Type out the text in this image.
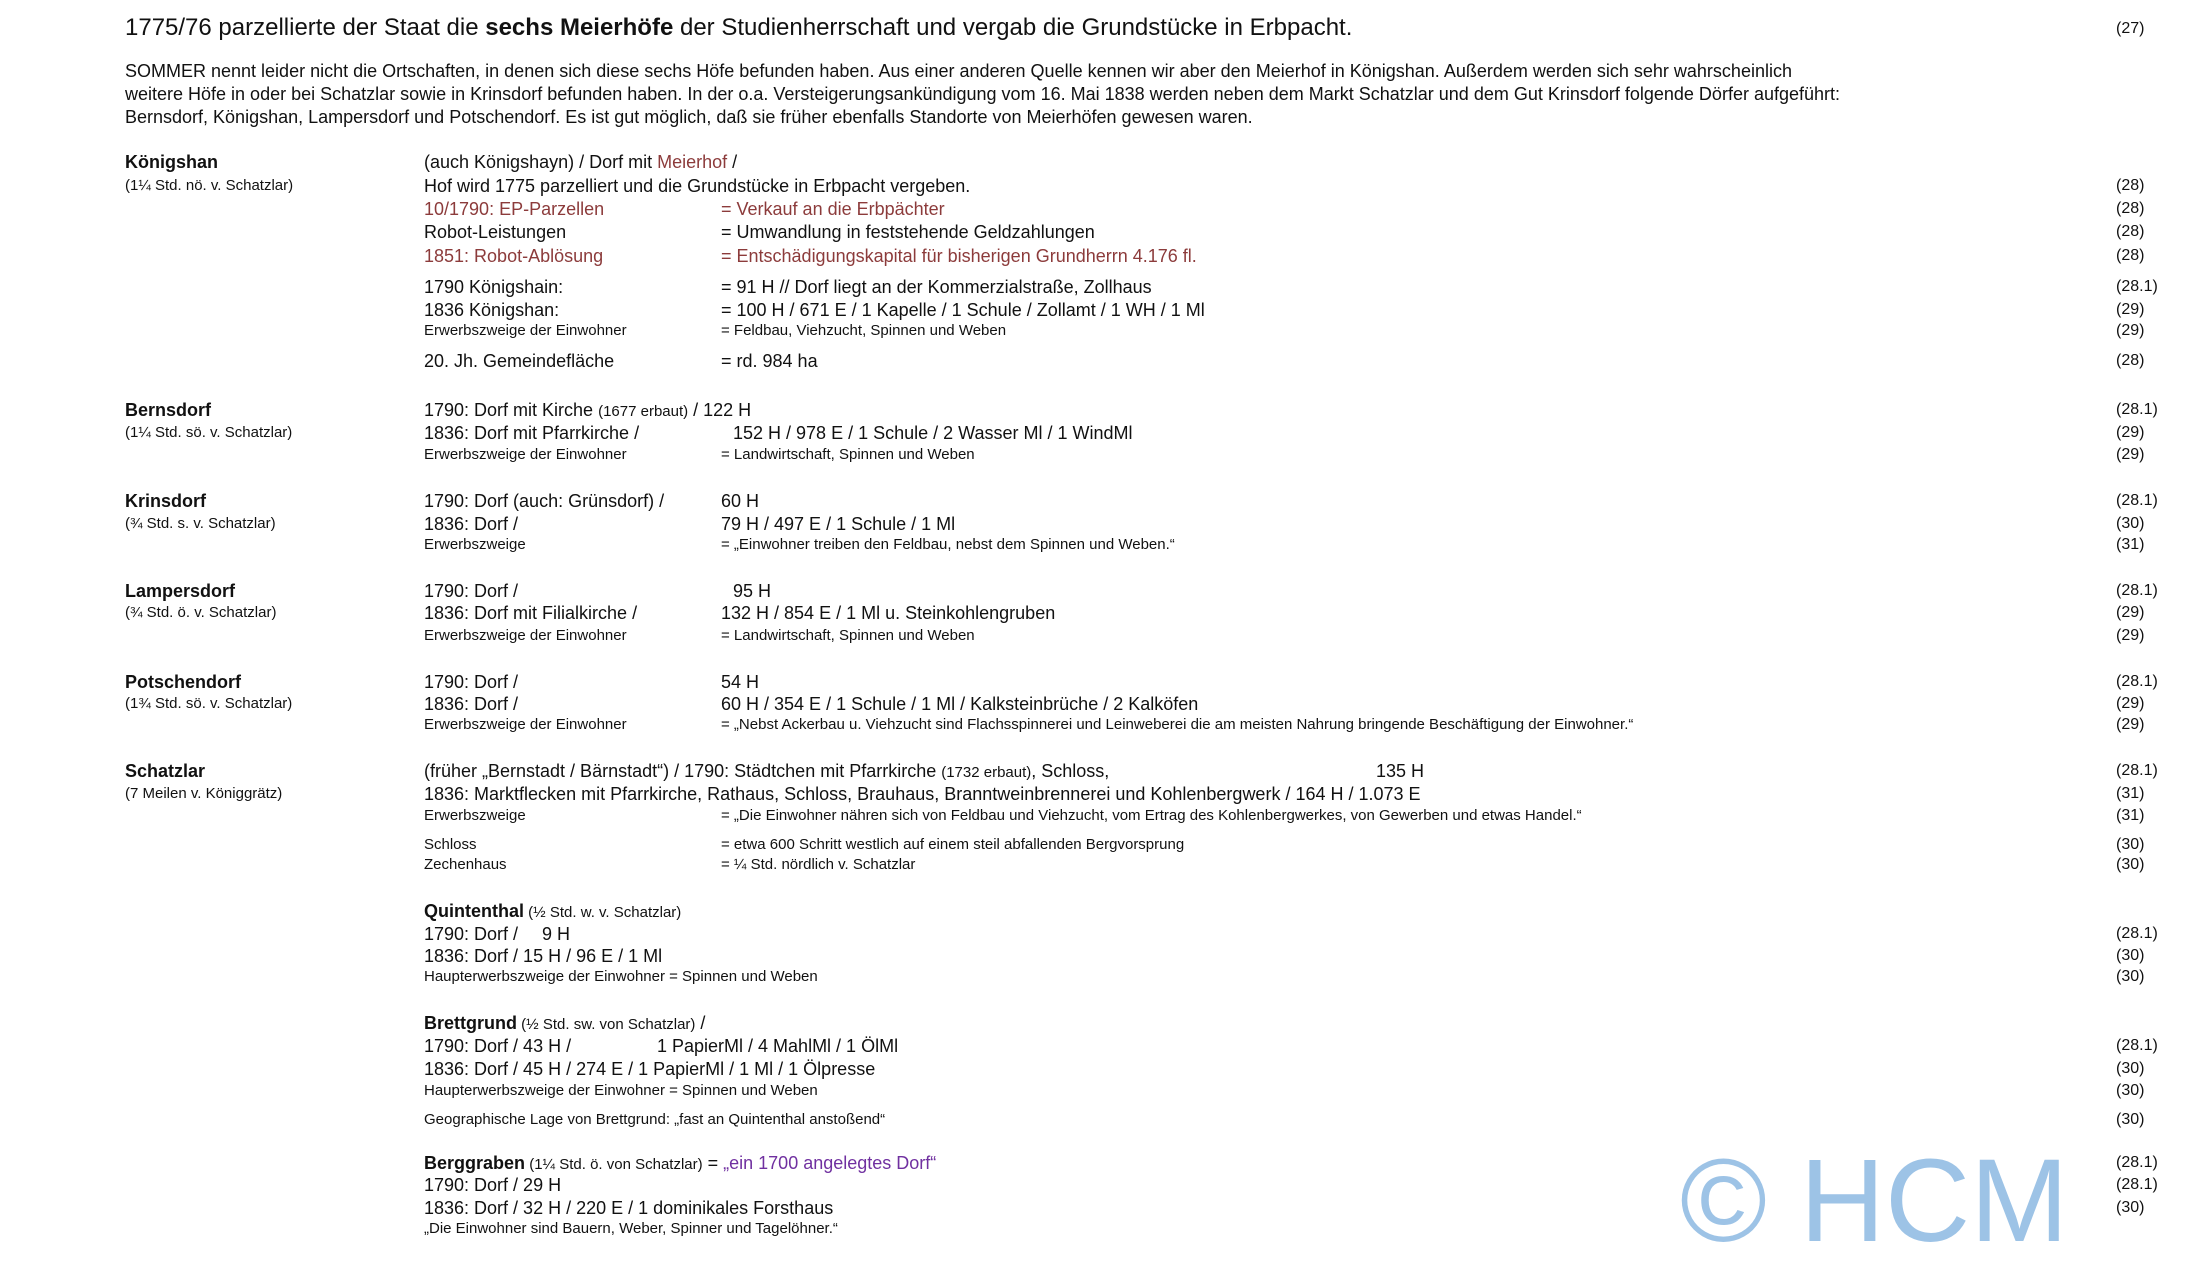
1775/76 parzellierte der Staat die sechs Meierhöfe der Studienherrschaft und vergab die Grundstücke in Erbpacht.	(27)
SOMMER nennt leider nicht die Ortschaften, in denen sich diese sechs Höfe befunden haben. Aus einer anderen Quelle kennen wir aber den Meierhof in Königshan. Außerdem werden sich sehr wahrscheinlich
weitere Höfe in oder bei Schatzlar sowie in Krinsdorf befunden haben. In der o.a. Versteigerungsankündigung vom 16. Mai 1838 werden neben dem Markt Schatzlar und dem Gut Krinsdorf folgende Dörfer aufgeführt:
Bernsdorf, Königshan, Lampersdorf und Potschendorf. Es ist gut möglich, daß sie früher ebenfalls Standorte von Meierhöfen gewesen waren.
Königshan	(auch Königshayn) / Dorf mit Meierhof /
(1¼ Std. nö. v. Schatzlar)	Hof wird 1775 parzelliert und die Grundstücke in Erbpacht vergeben.	(28)
10/1790: EP-Parzellen	= Verkauf an die Erbpächter	(28)
Robot-Leistungen	= Umwandlung in feststehende Geldzahlungen	(28)
1851: Robot-Ablösung	= Entschädigungskapital für bisherigen Grundherrn 4.176 fl.	(28)
1790 Königshain:	= 91 H // Dorf liegt an der Kommerzialstraße, Zollhaus	(28.1)
1836 Königshan:	= 100 H / 671 E / 1 Kapelle / 1 Schule / Zollamt / 1 WH / 1 Ml	(29)
Erwerbszweige der Einwohner	= Feldbau, Viehzucht, Spinnen und Weben	(29)
20. Jh. Gemeindefläche	= rd. 984 ha	(28)
Bernsdorf	1790: Dorf mit Kirche (1677 erbaut) / 122 H	(28.1)
(1¼ Std. sö. v. Schatzlar)	1836: Dorf mit Pfarrkirche /	152 H / 978 E / 1 Schule / 2 Wasser Ml / 1 WindMl	(29)
Erwerbszweige der Einwohner	= Landwirtschaft, Spinnen und Weben	(29)
Krinsdorf	1790: Dorf (auch: Grünsdorf) /	60 H	(28.1)
(¾ Std. s. v. Schatzlar)	1836: Dorf /	79 H / 497 E / 1 Schule / 1 Ml	(30)
Erwerbszweige	= „Einwohner treiben den Feldbau, nebst dem Spinnen und Weben.“	(31)
Lampersdorf	1790: Dorf /	95 H	(28.1)
(¾ Std. ö. v. Schatzlar)	1836: Dorf mit Filialkirche /	132 H / 854 E / 1 Ml u. Steinkohlengruben	(29)
Erwerbszweige der Einwohner	= Landwirtschaft, Spinnen und Weben	(29)
Potschendorf	1790: Dorf /	54 H	(28.1)
(1¾ Std. sö. v. Schatzlar)	1836: Dorf /	60 H / 354 E / 1 Schule / 1 Ml / Kalksteinbrüche / 2 Kalköfen	(29)
Erwerbszweige der Einwohner	= „Nebst Ackerbau u. Viehzucht sind Flachsspinnerei und Leinweberei die am meisten Nahrung bringende Beschäftigung der Einwohner.“	(29)
Schatzlar	(früher „Bernstadt / Bärnstadt“) / 1790: Städtchen mit Pfarrkirche (1732 erbaut), Schloss,	135 H	(28.1)
(7 Meilen v. Königgrätz)	1836: Marktflecken mit Pfarrkirche, Rathaus, Schloss, Brauhaus, Branntweinbrennerei und Kohlenbergwerk / 164 H / 1.073 E	(31)
Erwerbszweige	= „Die Einwohner nähren sich von Feldbau und Viehzucht, vom Ertrag des Kohlenbergwerkes, von Gewerben und etwas Handel.“	(31)
Schloss	= etwa 600 Schritt westlich auf einem steil abfallenden Bergvorsprung	(30)
Zechenhaus	= ¼ Std. nördlich v. Schatzlar	(30)
Quintenthal (½ Std. w. v. Schatzlar)
1790: Dorf / 9 H	(28.1)
1836: Dorf / 15 H / 96 E / 1 Ml	(30)
Haupterwerbszweige der Einwohner = Spinnen und Weben	(30)
Brettgrund (½ Std. sw. von Schatzlar) /
1790: Dorf / 43 H /	1 PapierMl / 4 MahlMl / 1 ÖlMl	(28.1)
1836: Dorf / 45 H / 274 E / 1 PapierMl / 1 Ml / 1 Ölpresse	(30)
Haupterwerbszweige der Einwohner = Spinnen und Weben	(30)
Geographische Lage von Brettgrund: „fast an Quintenthal anstoßend“	(30)
Berggraben (1¼ Std. ö. von Schatzlar) = „ein 1700 angelegtes Dorf“	(28.1)
1790: Dorf / 29 H	(28.1)
1836: Dorf / 32 H / 220 E / 1 dominikales Forsthaus	(30)
„Die Einwohner sind Bauern, Weber, Spinner und Tagelöhner.“	© HCM
